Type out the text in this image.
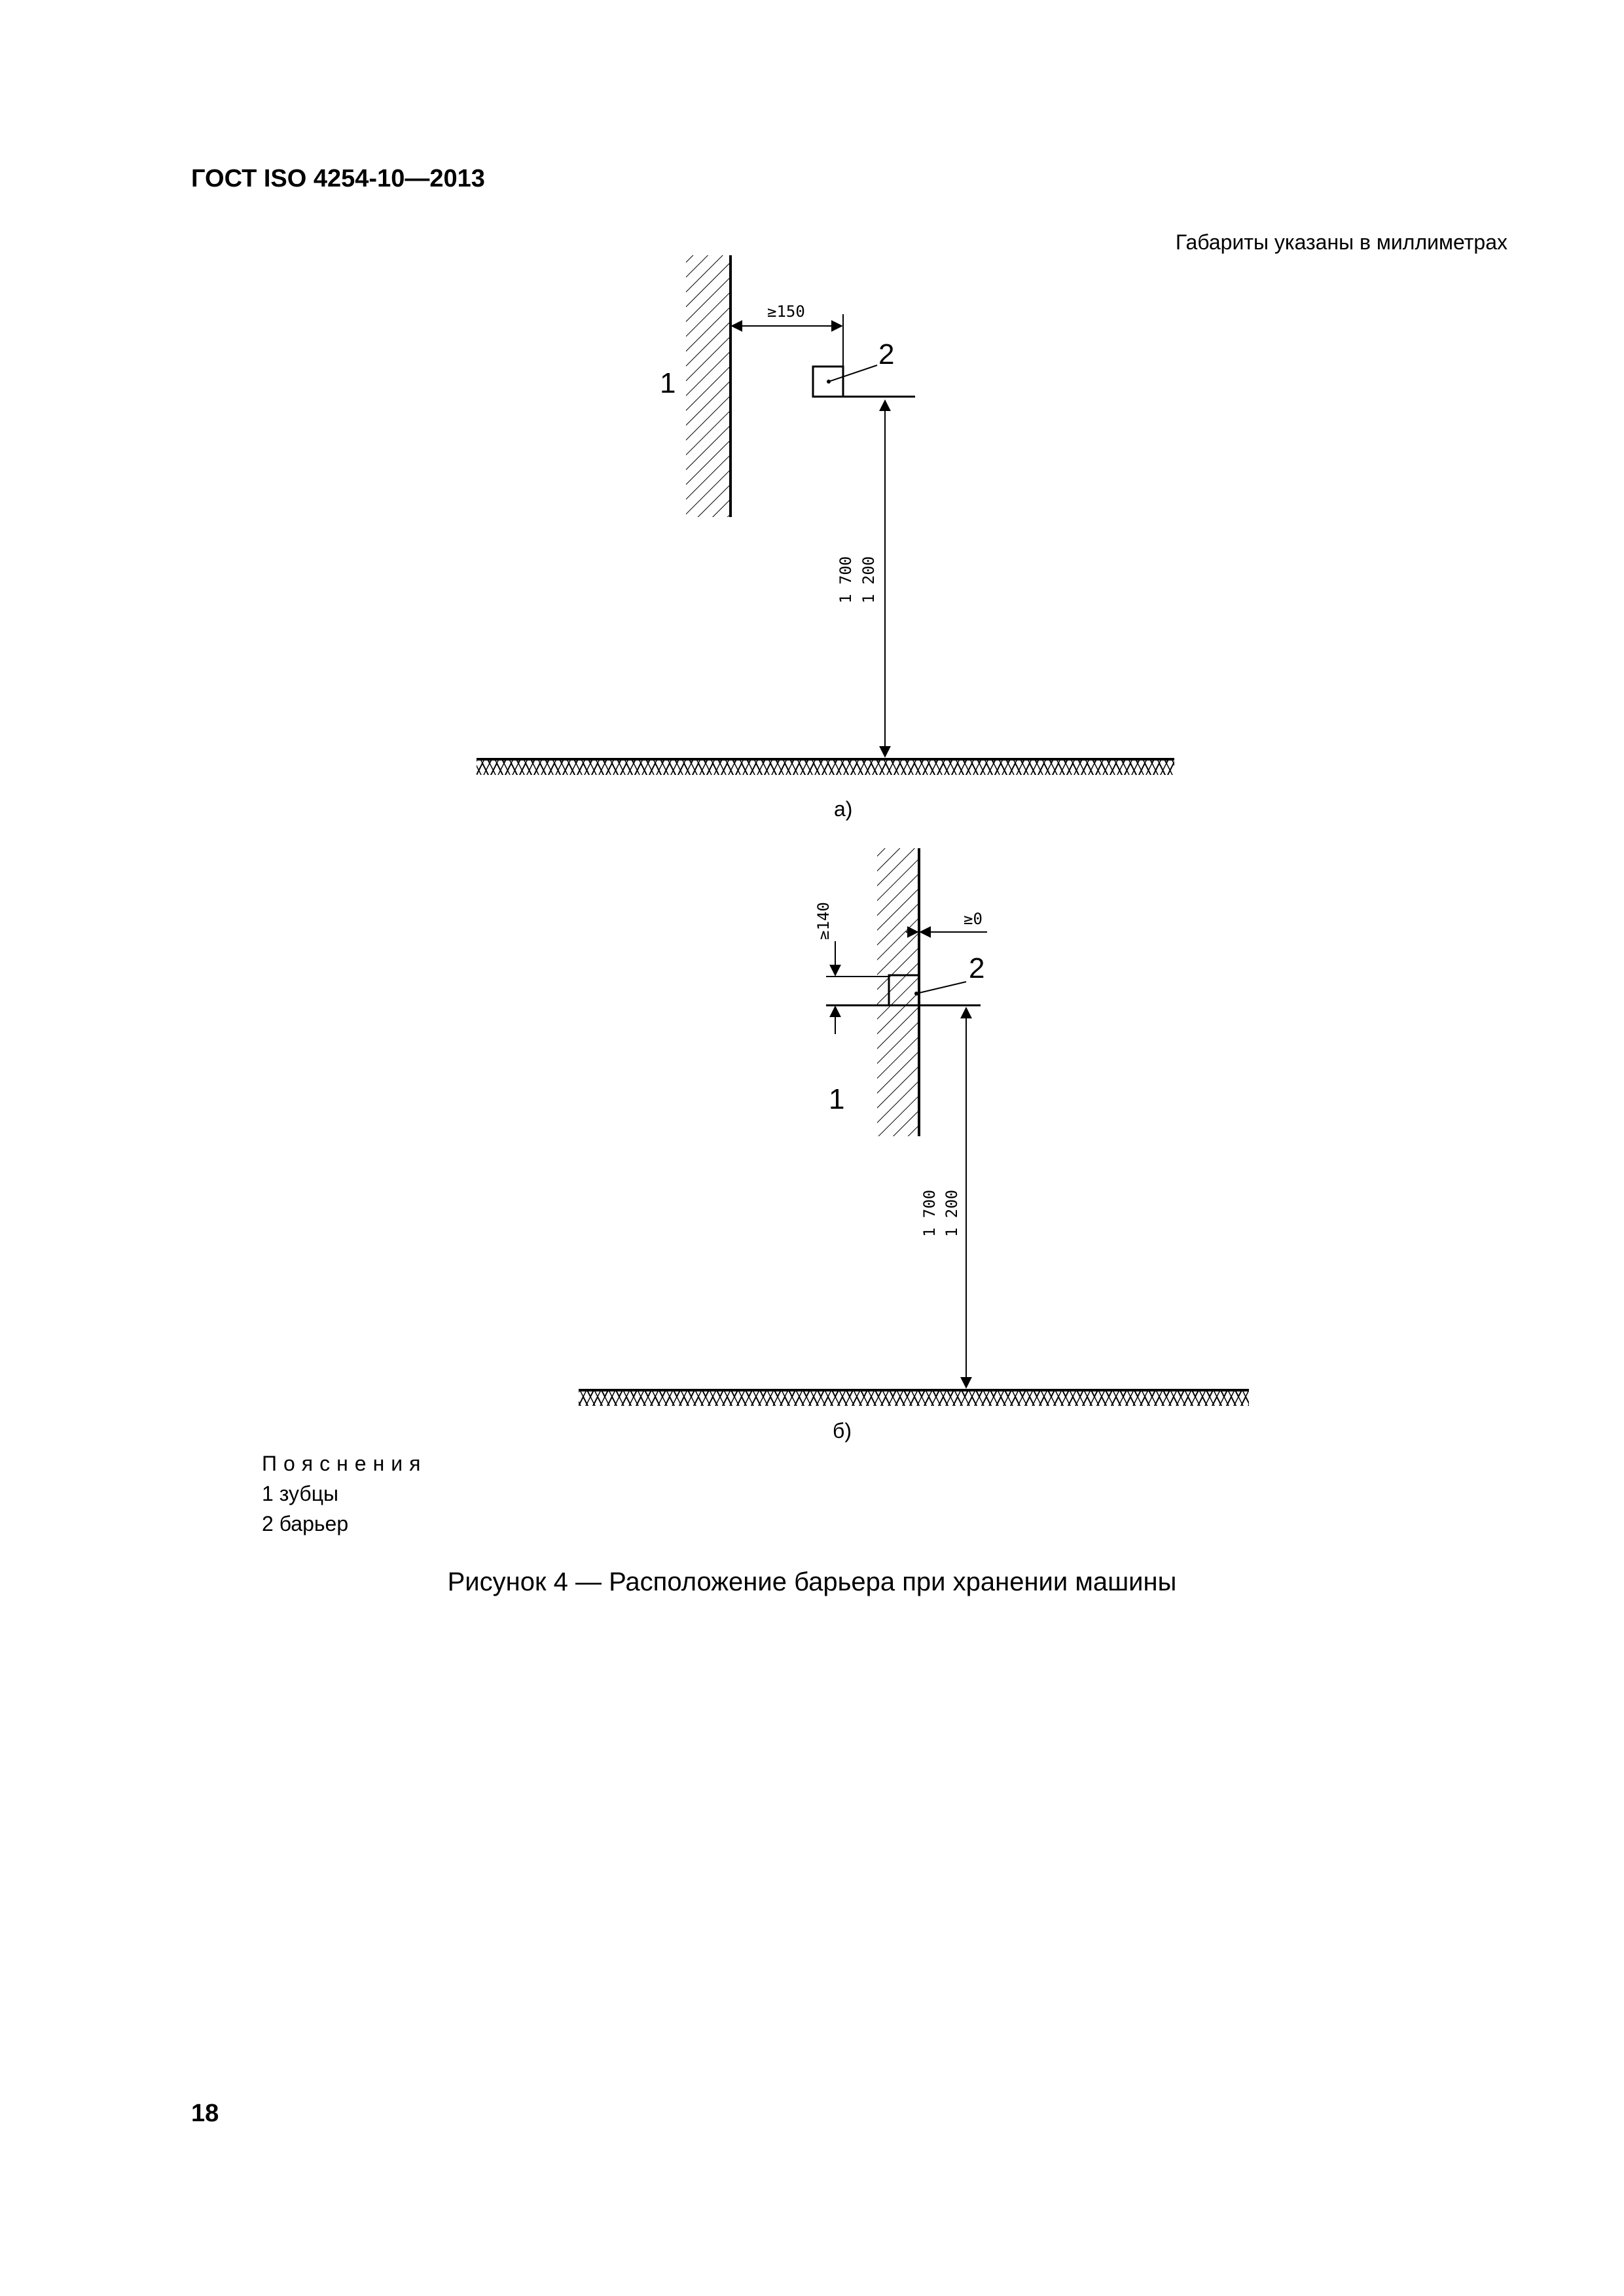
ГОСТ ISO 4254-10—2013
Габариты указаны в миллиметрах
≥150
1
2
1 700 1 200
≥140	≥0
2
1
1 700 1 200
а)
б)
Пояснения
1 зубцы
2 барьер
Рисунок 4 — Расположение барьера при хранении машины
18
